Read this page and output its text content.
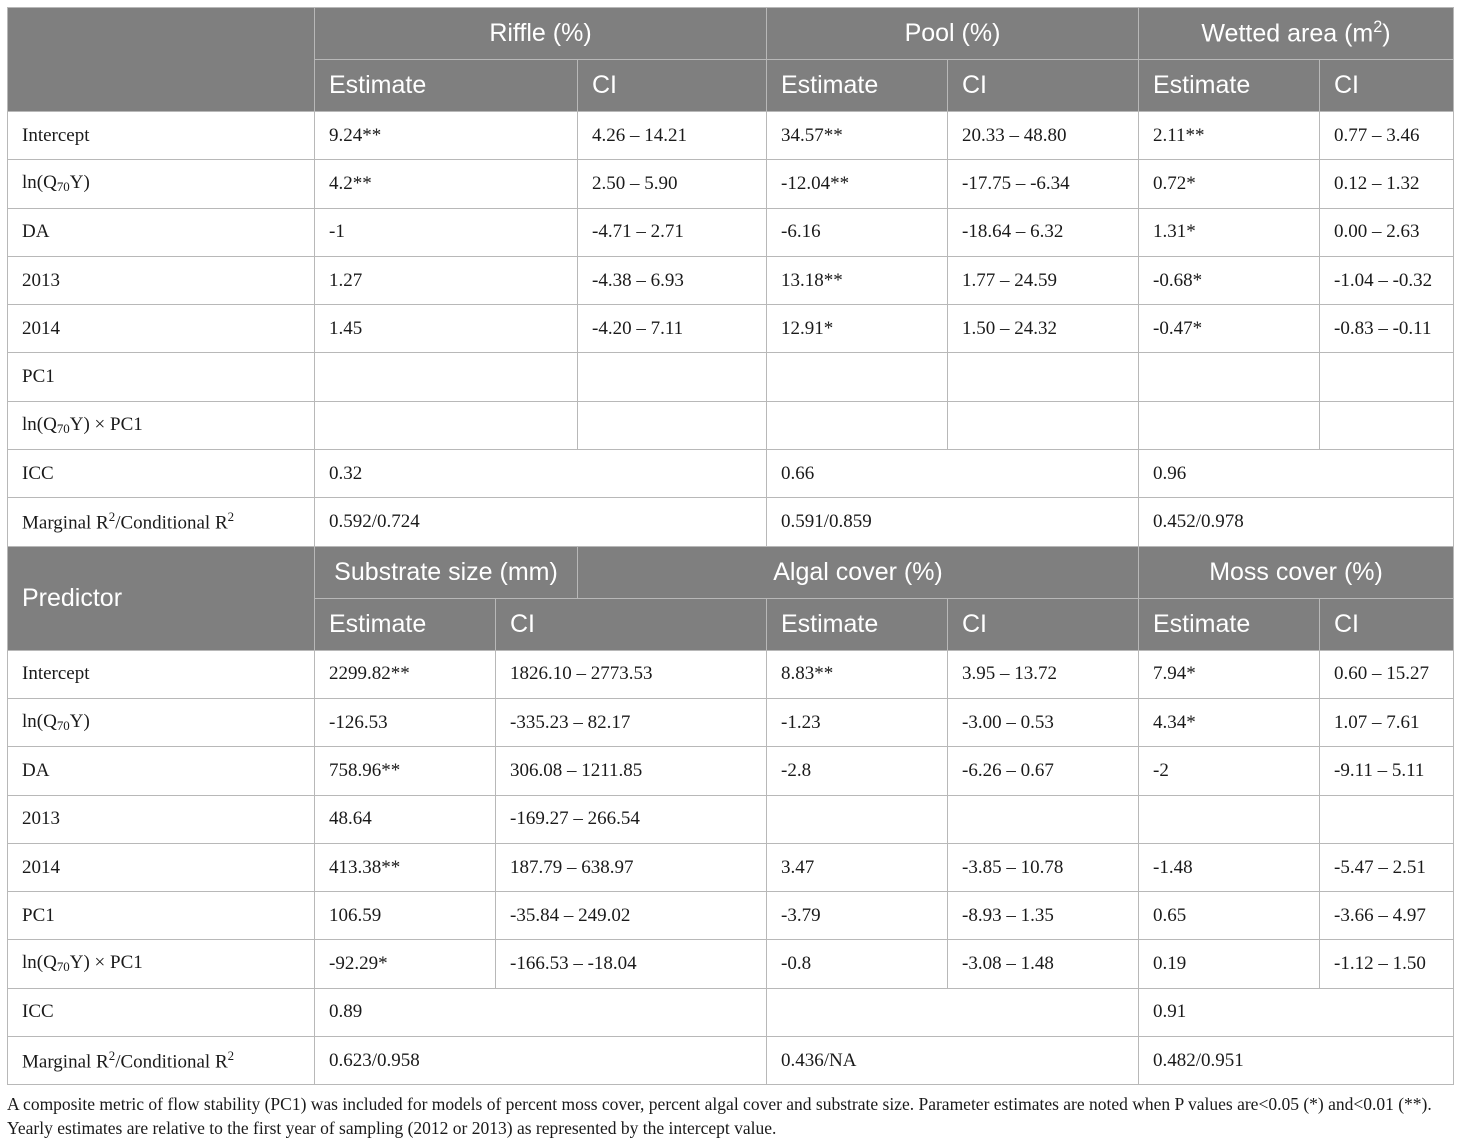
	Riffle (%)			Pool (%)		Wetted area $(m^2)$	
	Estimate		CI	Estimate	CI	Estimate	CI
Intercept	9.24**		4.26 – 14.21	34.57**	20.33 – 48.80	2.11**	0.77 – 3.46
$\ln(Q_{70}Y)$	4.2**		2.50 – 5.90	-12.04**	-17.75 – -6.34	0.72*	0.12 – 1.32
DA	-1		-4.71 – 2.71	-6.16	-18.64 – 6.32	1.31*	0.00 – 2.63
2013	1.27		-4.38 – 6.93	13.18**	1.77 – 24.59	-0.68*	-1.04 – -0.32
2014	1.45		-4.20 – 7.11	12.91*	1.50 – 24.32	-0.47*	-0.83 – -0.11
PC1							
$\ln(Q_{70}Y) \times PC1$							
ICC	0.32			0.66		0.96	
Marginal $R^2$/Conditional $R^2$	0.592/0.724			0.591/0.859		0.452/0.978	
Predictor	Substrate size (mm)		Algal cover (%)			Moss cover (%)	
	Estimate	CI		Estimate	CI	Estimate	CI
Intercept	2299.82**	1826.10 – 2773.53		8.83**	3.95 – 13.72	7.94*	0.60 – 15.27
$\ln(Q_{70}Y)$	-126.53	-335.23 – 82.17		-1.23	-3.00 – 0.53	4.34*	1.07 – 7.61
DA	758.96**	306.08 – 1211.85		-2.8	-6.26 – 0.67	-2	-9.11 – 5.11
2013	48.64	-169.27 – 266.54					
2014	413.38**	187.79 – 638.97		3.47	-3.85 – 10.78	-1.48	-5.47 – 2.51
PC1	106.59	-35.84 – 249.02		-3.79	-8.93 – 1.35	0.65	-3.66 – 4.97
$\ln(Q_{70}Y) \times PC1$	-92.29*	-166.53 – -18.04		-0.8	-3.08 – 1.48	0.19	-1.12 – 1.50
ICC	0.89					0.91	
Marginal $R^2$/Conditional $R^2$	0.623/0.958			0.436/NA		0.482/0.951	
A composite metric of flow stability (PC1) was included for models of percent moss cover, percent algal cover and substrate size. Parameter estimates are noted when P values are<0.05 (*) and<0.01 (**). Yearly estimates are relative to the first year of sampling (2012 or 2013) as represented by the intercept value.
